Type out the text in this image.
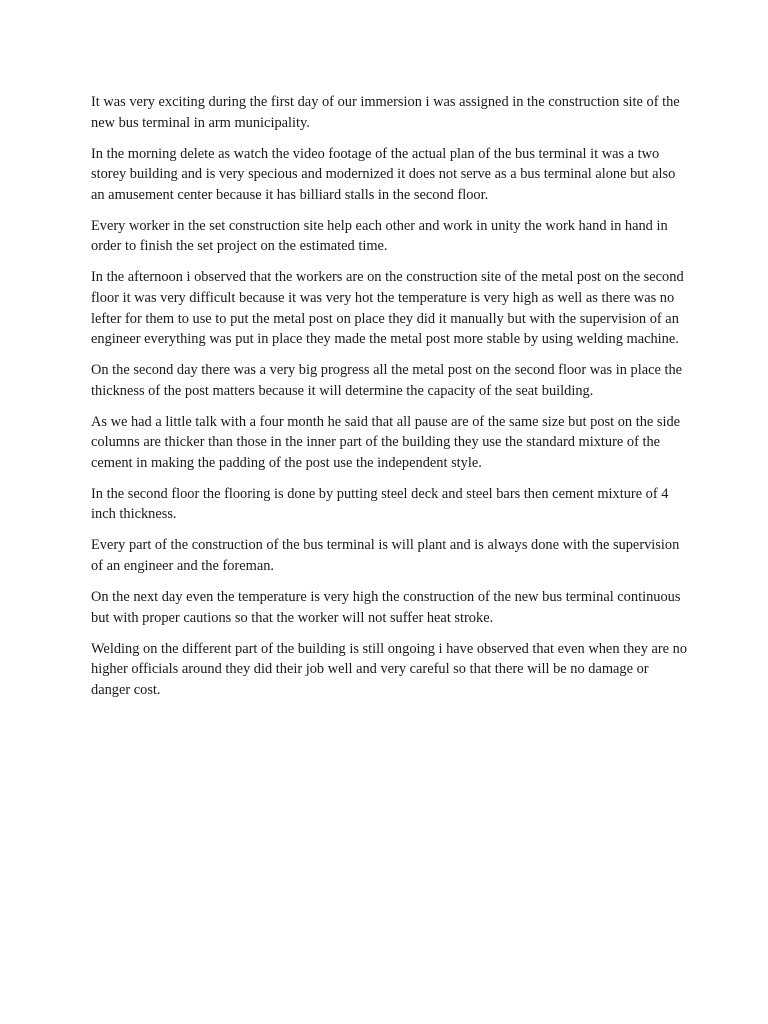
It was very exciting during the first day of our immersion i was assigned in the construction site of the new bus terminal in arm municipality.

In the morning delete as watch the video footage of the actual plan of the bus terminal it was a two storey building and is very specious and modernized it does not serve as a bus terminal alone but also an amusement center because it has billiard stalls in the second floor.

Every worker in the set construction site help each other and work in unity the work hand in hand in order to finish the set project on the estimated time.

In the afternoon i observed that the workers are on the construction site of the metal post on the second floor it was very difficult because it was very hot the temperature is very high as well as there was no lefter for them to use to put the metal post on place they did it manually but with the supervision of an engineer everything was put in place they made the metal post more stable by using welding machine.

On the second day there was a very big progress all the metal post on the second floor was in place the thickness of the post matters because it will determine the capacity of the seat building.

As we had a little talk with a four month he said that all pause are of the same size but post on the side columns are thicker than those in the inner part of the building they use the standard mixture of the cement in making the padding of the post use the independent style.

In the second floor the flooring is done by putting steel deck and steel bars then cement mixture of 4 inch thickness.

Every part of the construction of the bus terminal is will plant and is always done with the supervision of an engineer and the foreman.

On the next day even the temperature is very high the construction of the new bus terminal continuous but with proper cautions so that the worker will not suffer heat stroke.

Welding on the different part of the building is still ongoing i have observed that even when they are no higher officials around they did their job well and very careful so that there will be no damage or danger cost.
